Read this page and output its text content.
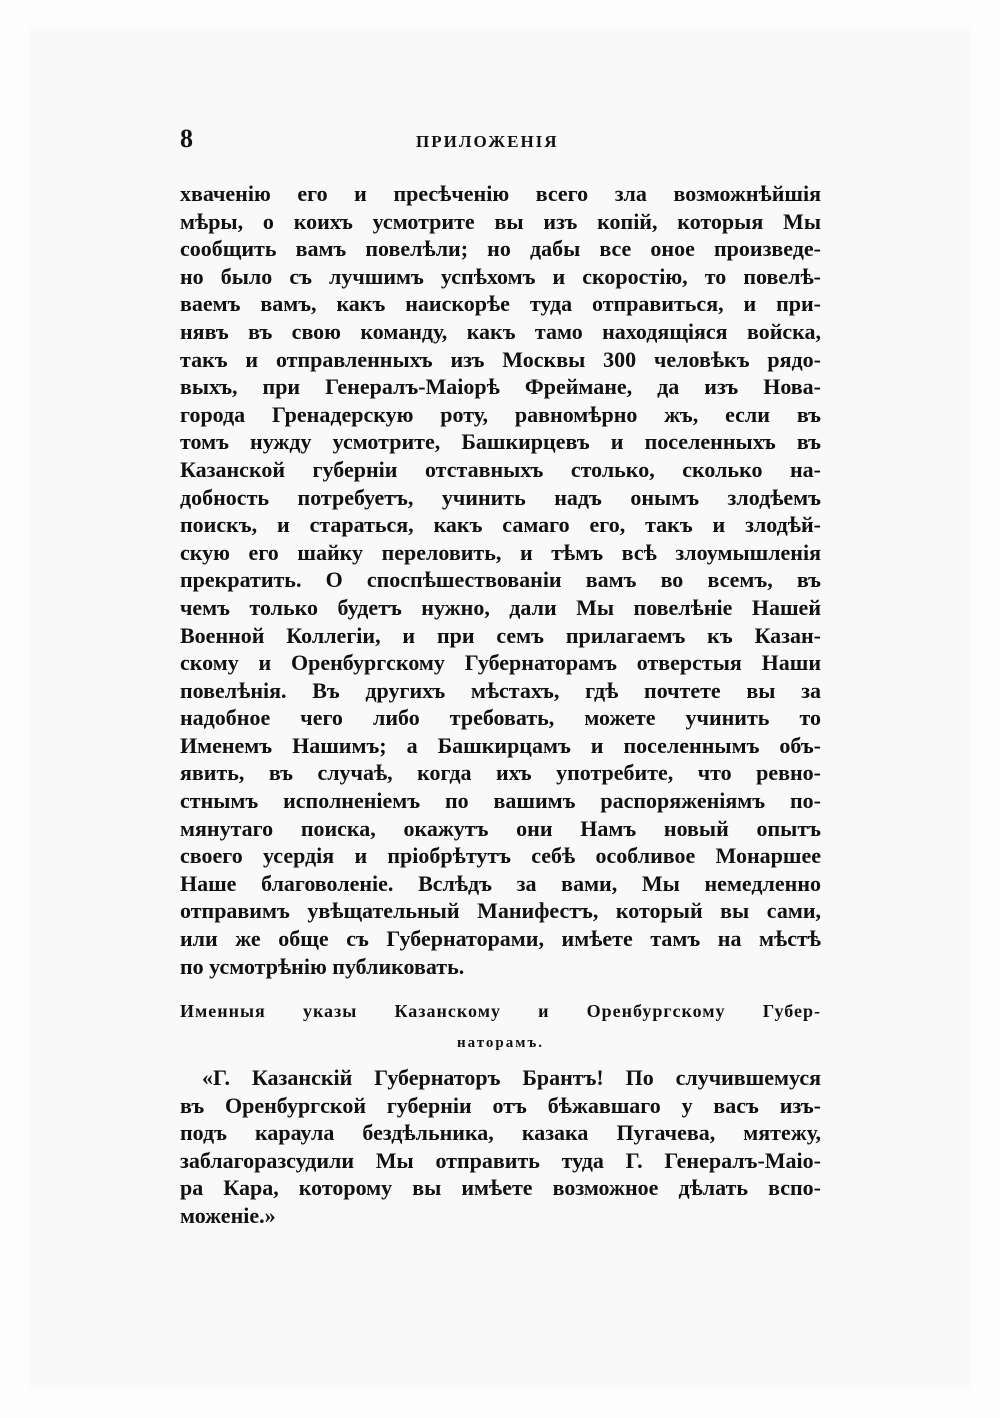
8	ПРИЛОЖЕНІЯ
хваченію его и пресѣченію всего зла возможнѣйшія
мѣры, о коихъ усмотрите вы изъ копій, которыя Мы
сообщить вамъ повелѣли; но дабы все оное произведе-
но было съ лучшимъ успѣхомъ и скоростію, то повелѣ-
ваемъ вамъ, какъ наискорѣе туда отправиться, и при-
нявъ въ свою команду, какъ тамо находящіяся войска,
такъ и отправленныхъ изъ Москвы 300 человѣкъ рядо-
выхъ, при Генералъ-Маiорѣ Фреймане, да изъ Новa-
города Гренадерскую роту, равномѣрно жъ, если въ
томъ нужду усмотрите, Башкирцевъ и поселенныхъ въ
Казанской губерніи отставныхъ столько, сколько на-
добность потребуетъ, учинить надъ онымъ злодѣемъ
поискъ, и стараться, какъ самаго его, такъ и злодѣй-
скую его шайку переловить, и тѣмъ всѣ злоумышленія
прекратить. О споспѣшествованіи вамъ во всемъ, въ
чемъ только будетъ нужно, дали Мы повелѣніе Нашей
Военной Коллегіи, и при семъ прилагаемъ къ Казан-
скому и Оренбургскому Губернаторамъ отверстыя Наши
повелѣнія. Въ другихъ мѣстахъ, гдѣ почтете вы за
надобное чего либо требовать, можете учинить то
Именемъ Нашимъ; а Башкирцамъ и поселеннымъ объ-
явить, въ случаѣ, когда ихъ употребите, что ревно-
стнымъ исполненіемъ по вашимъ распоряженіямъ по-
мянутаго поиска, окажутъ они Намъ новый опытъ
своего усердія и пріобрѣтутъ себѣ особливое Монаршее
Наше благоволеніе. Вслѣдъ за вами, Мы немедленно
отправимъ увѣщательный Манифестъ, который вы сами,
или же обще съ Губернаторами, имѣете тамъ на мѣстѣ
по усмотрѣнію публиковать.
Именныя указы Казанскому и Оренбургскому Губер-
наторамъ.
«Г. Казанскій Губернаторъ Брантъ! По случившемуся
въ Оренбургской губерніи отъ бѣжавшаго у васъ изъ-
подъ караула бездѣльника, казака Пугачева, мятежу,
заблагоразсудили Мы отправить туда Г. Генералъ-Маіо-
ра Кара, которому вы имѣете возможное дѣлать вспо-
моженіе.»
